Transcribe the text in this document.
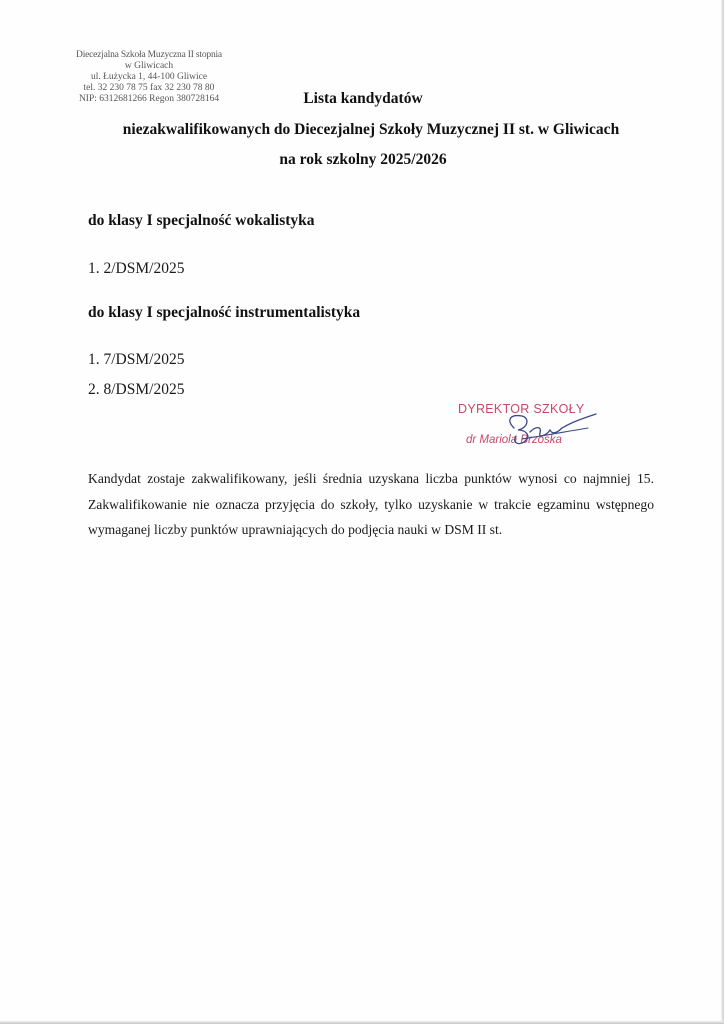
Diecezjalna Szkoła Muzyczna II stopnia
w Gliwicach
ul. Łużycka 1, 44-100 Gliwice
tel. 32 230 78 75 fax 32 230 78 80
NIP: 6312681266 Regon 380728164	Lista kandydatów
niezakwalifikowanych do Diecezjalnej Szkoły Muzycznej II st. w Gliwicach
na rok szkolny 2025/2026
do klasy I specjalność wokalistyka
1. 2/DSM/2025
do klasy I specjalność instrumentalistyka
1. 7/DSM/2025
2. 8/DSM/2025
DYREKTOR SZKOŁY
dr Mariola Brzoska
Kandydat zostaje zakwalifikowany, jeśli średnia uzyskana liczba punktów wynosi co najmniej 15. Zakwalifikowanie nie oznacza przyjęcia do szkoły, tylko uzyskanie w trakcie egzaminu wstępnego wymaganej liczby punktów uprawniających do podjęcia nauki w DSM II st.
